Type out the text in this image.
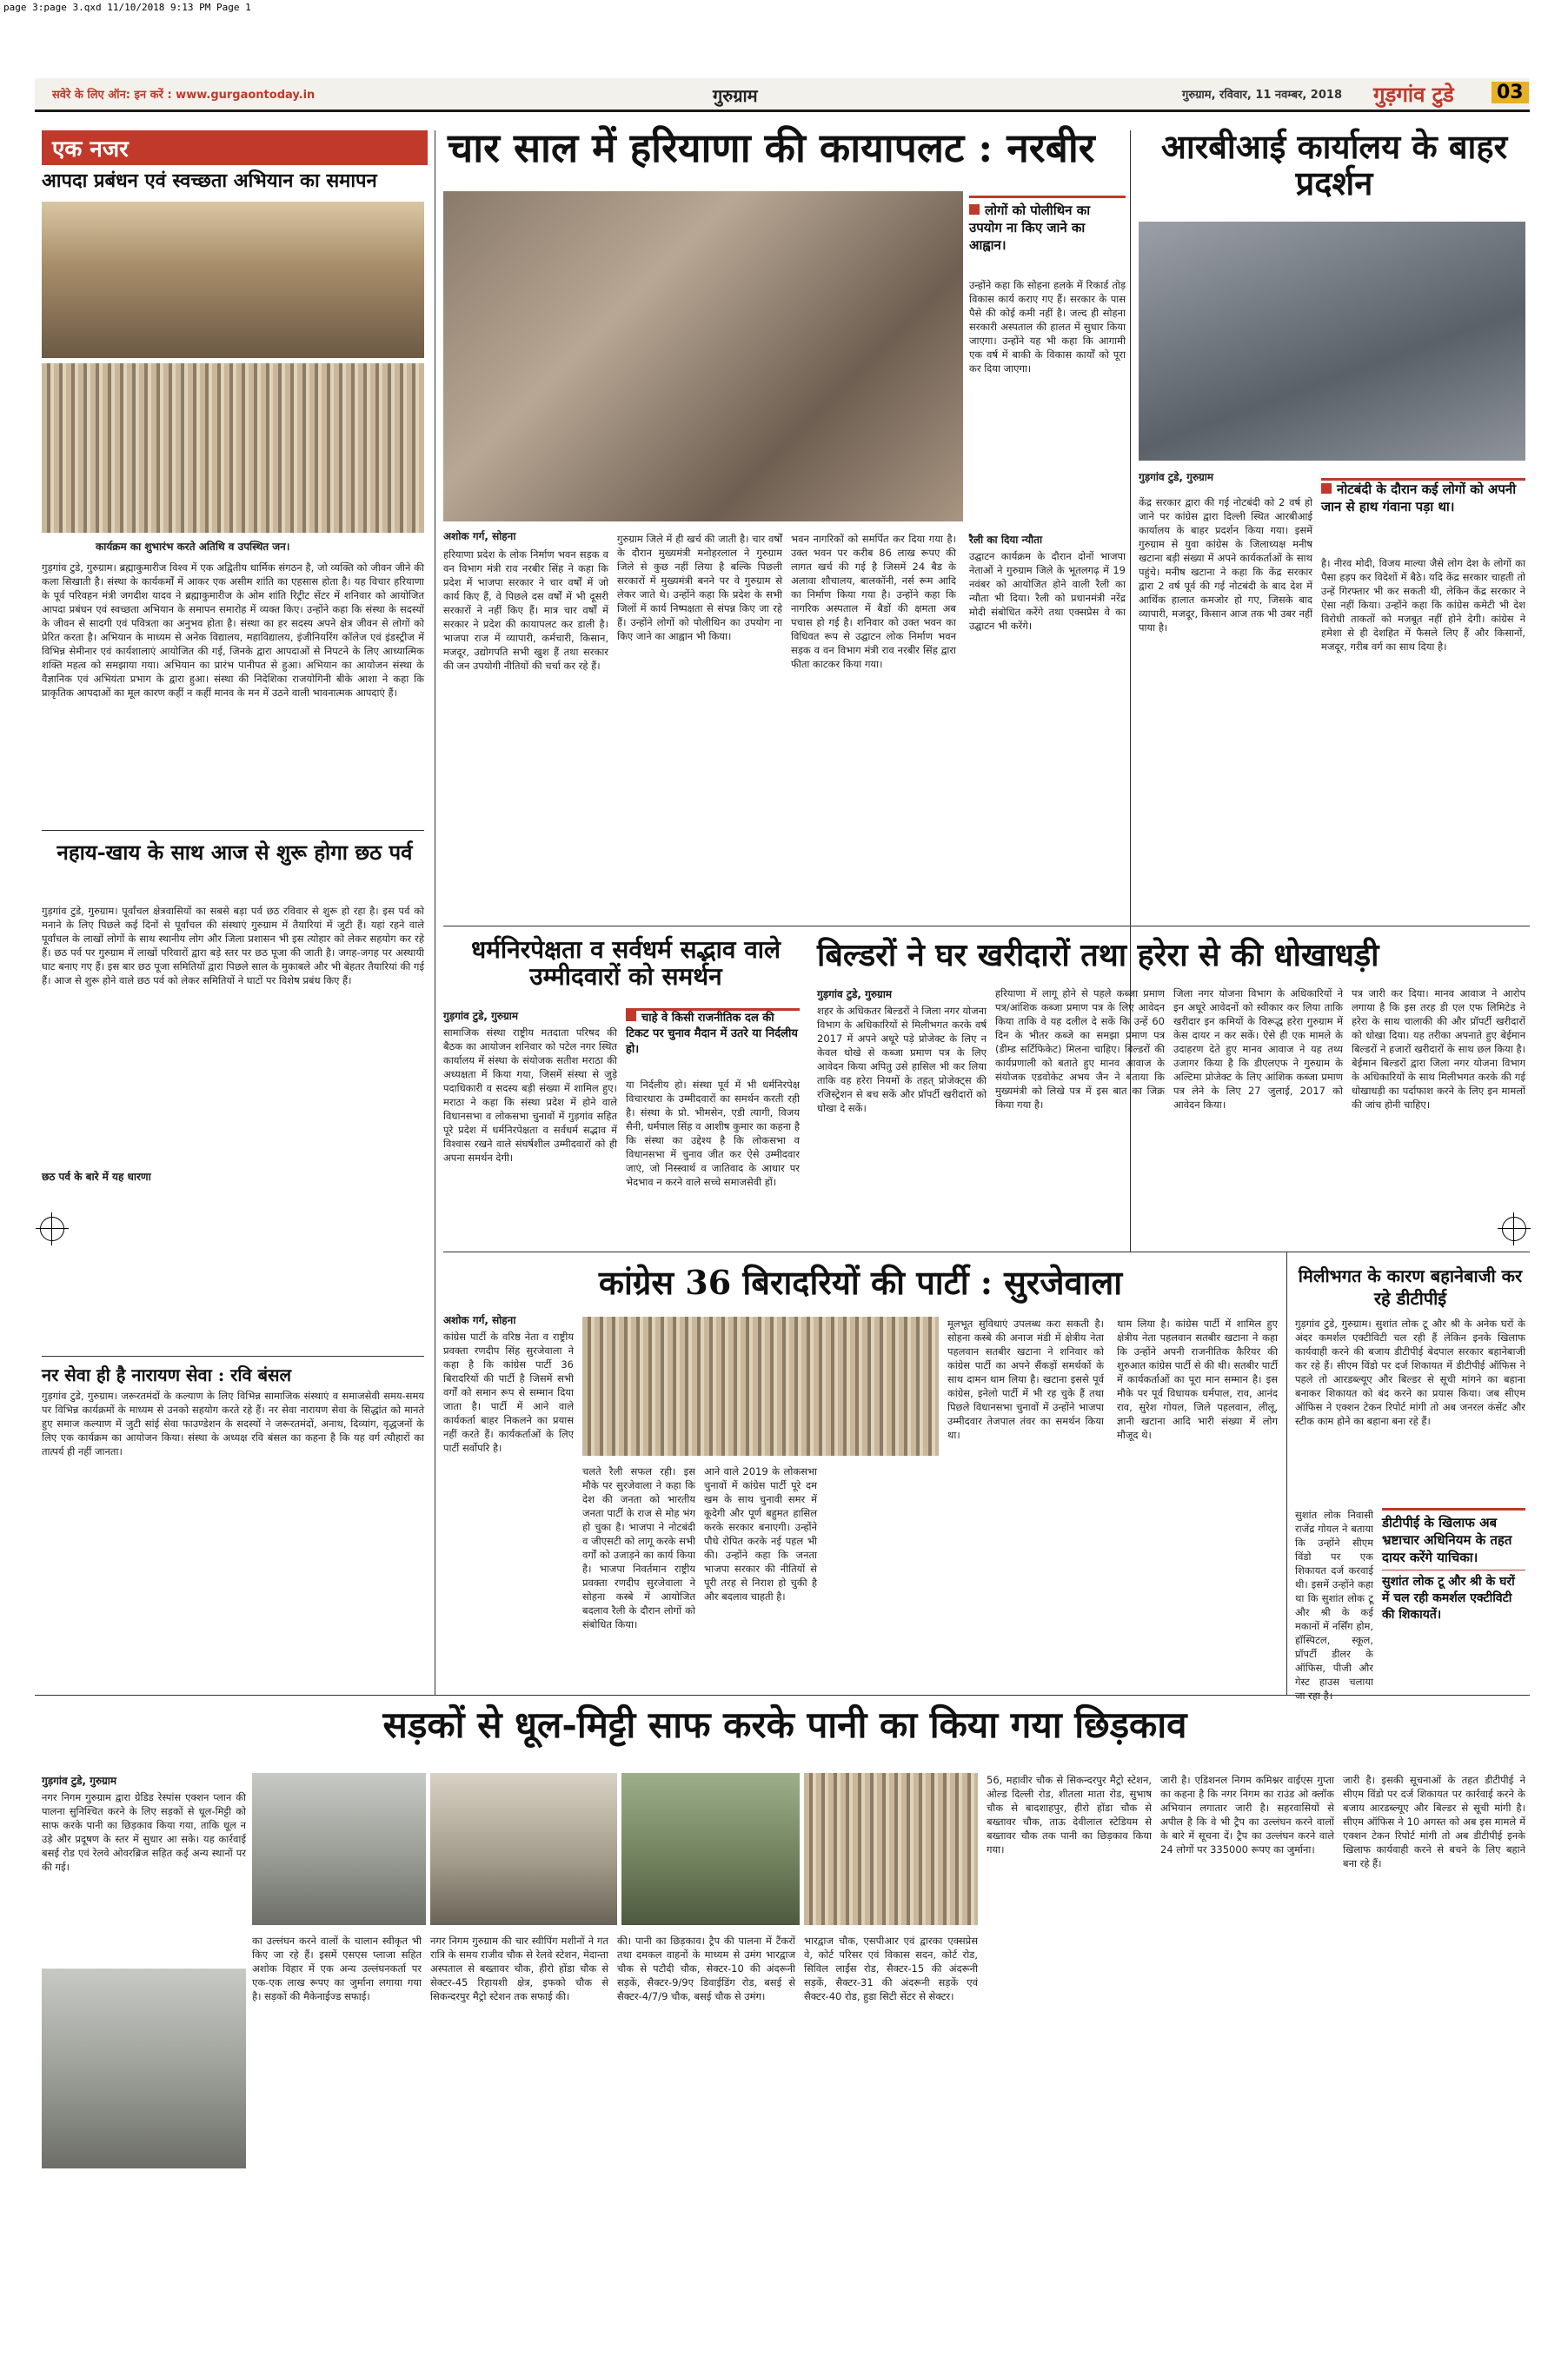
page 3:page 3.qxd 11/10/2018 9:13 PM Page 1
सवेरे के लिए ऑन: इन करें : www.gurgaontoday.in	गुरुग्राम	गुरुग्राम, रविवार, 11 नवम्बर, 2018 गुड़गांव टुडे 03
एक नजर
आपदा प्रबंधन एवं स्वच्छता अभियान का समापन
कार्यक्रम का शुभारंभ करते अतिथि व उपस्थित जन।
गुड़गांव टुडे, गुरुग्राम। ब्रह्माकुमारीज विश्व में एक अद्वितीय धार्मिक संगठन है, जो व्यक्ति को जीवन जीने की कला सिखाती है। संस्था के कार्यकर्मों में आकर एक असीम शांति का एहसास होता है। यह विचार हरियाणा के पूर्व परिवहन मंत्री जगदीश यादव ने ब्रह्माकुमारीज के ओम शांति रिट्रीट सेंटर में शनिवार को आयोजित आपदा प्रबंधन एवं स्वच्छता अभियान के समापन समारोह में व्यक्त किए। उन्होंने कहा कि संस्था के सदस्यों के जीवन से सादगी एवं पवित्रता का अनुभव होता है। संस्था का हर सदस्य अपने क्षेत्र जीवन से लोगों को प्रेरित करता है। अभियान के माध्यम से अनेक विद्यालय, महाविद्यालय, इंजीनियरिंग कॉलेज एवं इंडस्ट्रीज में विभिन्न सेमीनार एवं कार्यशालाएं आयोजित की गई, जिनके द्वारा आपदाओं से निपटने के लिए आध्यात्मिक शक्ति महत्व को समझाया गया। अभियान का प्रारंभ पानीपत से हुआ। अभियान का आयोजन संस्था के वैज्ञानिक एवं अभियंता प्रभाग के द्वारा हुआ। संस्था की निदेशिका राजयोगिनी बीके आशा ने कहा कि प्राकृतिक आपदाओं का मूल कारण कहीं न कहीं मानव के मन में उठने वाली भावनात्मक आपदाएं हैं।
नहाय-खाय के साथ आज से शुरू होगा छठ पर्व
गुड़गांव टुडे, गुरुग्राम। पूर्वांचल क्षेत्रवासियों का सबसे बड़ा पर्व छठ रविवार से शुरू हो रहा है। इस पर्व को मनाने के लिए पिछले कई दिनों से पूर्वांचल की संस्थाएं गुरुग्राम में तैयारियां में जुटी हैं। यहां रहने वाले पूर्वांचल के लाखों लोगों के साथ स्थानीय लोग और जिला प्रशासन भी इस त्योहार को लेकर सहयोग कर रहे हैं। छठ पर्व पर गुरुग्राम में लाखों परिवारों द्वारा बड़े स्तर पर छठ पूजा की जाती है। जगह-जगह पर अस्थायी घाट बनाए गए हैं। इस बार छठ पूजा समितियों द्वारा पिछले साल के मुकाबले और भी बेहतर तैयारियां की गई हैं। आज से शुरू होने वाले छठ पर्व को लेकर समितियों ने घाटों पर विशेष प्रबंध किए हैं।
छठ पर्व के बारे में यह धारणा
नर सेवा ही है नारायण सेवा : रवि बंसल
गुड़गांव टुडे, गुरुग्राम। जरूरतमंदों के कल्याण के लिए विभिन्न सामाजिक संस्थाएं व समाजसेवी समय-समय पर विभिन्न कार्यक्रमों के माध्यम से उनको सहयोग करते रहे हैं। नर सेवा नारायण सेवा के सिद्धांत को मानते हुए समाज कल्याण में जुटी सांई सेवा फाउण्डेशन के सदस्यों ने जरूरतमंदों, अनाथ, दिव्यांग, वृद्धजनों के लिए एक कार्यक्रम का आयोजन किया। संस्था के अध्यक्ष रवि बंसल का कहना है कि यह वर्ग त्यौहारों का तात्पर्य ही नहीं जानता।
चार साल में हरियाणा की कायापलट : नरबीर
लोगों को पोलीथिन का उपयोग ना किए जाने का आह्वान।
उन्होंने कहा कि सोहना हलके में रिकार्ड तोड़ विकास कार्य कराए गए हैं। सरकार के पास पैसे की कोई कमी नहीं है। जल्द ही सोहना सरकारी अस्पताल की हालत में सुधार किया जाएगा। उन्होंने यह भी कहा कि आगामी एक वर्ष में बाकी के विकास कार्यों को पूरा कर दिया जाएगा।
अशोक गर्ग, सोहना
हरियाणा प्रदेश के लोक निर्माण भवन सड़क व वन विभाग मंत्री राव नरबीर सिंह ने कहा कि प्रदेश में भाजपा सरकार ने चार वर्षों में जो कार्य किए हैं, वे पिछले दस वर्षों में भी दूसरी सरकारों ने नहीं किए हैं। मात्र चार वर्षों में सरकार ने प्रदेश की कायापलट कर डाली है। भाजपा राज में व्यापारी, कर्मचारी, किसान, मजदूर, उद्योगपति सभी खुश हैं तथा सरकार की जन उपयोगी नीतियों की चर्चा कर रहे हैं।
गुरुग्राम जिले में ही खर्च की जाती है। चार वर्षों के दौरान मुख्यमंत्री मनोहरलाल ने गुरुग्राम जिले से कुछ नहीं लिया है बल्कि पिछली सरकारों में मुख्यमंत्री बनने पर वे गुरुग्राम से लेकर जाते थे। उन्होंने कहा कि प्रदेश के सभी जिलों में कार्य निष्पक्षता से संपन्न किए जा रहे हैं। उन्होंने लोगों को पोलीथिन का उपयोग ना किए जाने का आह्वान भी किया।
भवन नागरिकों को समर्पित कर दिया गया है। उक्त भवन पर करीब 86 लाख रूपए की लागत खर्च की गई है जिसमें 24 बैड के अलावा शौचालय, बालकॉनी, नर्स रूम आदि का निर्माण किया गया है। उन्होंने कहा कि नागरिक अस्पताल में बैडों की क्षमता अब पचास हो गई है। शनिवार को उक्त भवन का विधिवत रूप से उद्घाटन लोक निर्माण भवन सड़क व वन विभाग मंत्री राव नरबीर सिंह द्वारा फीता काटकर किया गया।
रैली का दिया न्यौता
उद्घाटन कार्यक्रम के दौरान दोनों भाजपा नेताओं ने गुरुग्राम जिले के भूतलगढ़ में 19 नवंबर को आयोजित होने वाली रैली का न्यौता भी दिया। रैली को प्रधानमंत्री नरेंद्र मोदी संबोधित करेंगे तथा एक्सप्रेस वे का उद्घाटन भी करेंगे।
आरबीआई कार्यालय के बाहर प्रदर्शन
गुड़गांव टुडे, गुरुग्राम
नोटबंदी के दौरान कई लोगों को अपनी जान से हाथ गंवाना पड़ा था।
केंद्र सरकार द्वारा की गई नोटबंदी को 2 वर्ष हो जाने पर कांग्रेस द्वारा दिल्ली स्थित आरबीआई कार्यालय के बाहर प्रदर्शन किया गया। इसमें गुरुग्राम से युवा कांग्रेस के जिलाध्यक्ष मनीष खटाना बड़ी संख्या में अपने कार्यकर्ताओं के साथ पहुंचे। मनीष खटाना ने कहा कि केंद्र सरकार द्वारा 2 वर्ष पूर्व की गई नोटबंदी के बाद देश में आर्थिक हालात कमजोर हो गए, जिसके बाद व्यापारी, मजदूर, किसान आज तक भी उबर नहीं पाया है।
है। नीरव मोदी, विजय माल्या जैसे लोग देश के लोगों का पैसा हड़प कर विदेशों में बैठे। यदि केंद्र सरकार चाहती तो उन्हें गिरफ्तार भी कर सकती थी, लेकिन केंद्र सरकार ने ऐसा नहीं किया। उन्होंने कहा कि कांग्रेस कमेटी भी देश विरोधी ताकतों को मजबूत नहीं होने देगी। कांग्रेस ने हमेशा से ही देशहित में फैसले लिए हैं और किसानों, मजदूर, गरीब वर्ग का साथ दिया है।
धर्मनिरपेक्षता व सर्वधर्म सद्भाव वाले उम्मीदवारों को समर्थन
गुड़गांव टुडे, गुरुग्राम	चाहे वे किसी राजनीतिक दल की टिकट पर चुनाव मैदान में उतरे या निर्दलीय हो।
सामाजिक संस्था राष्ट्रीय मतदाता परिषद की बैठक का आयोजन शनिवार को पटेल नगर स्थित कार्यालय में संस्था के संयोजक सतीश मराठा की अध्यक्षता में किया गया, जिसमें संस्था से जुड़े पदाधिकारी व सदस्य बड़ी संख्या में शामिल हुए। मराठा ने कहा कि संस्था प्रदेश में होने वाले विधानसभा व लोकसभा चुनावों में गुड़गांव सहित पूरे प्रदेश में धर्मनिरपेक्षता व सर्वधर्म सद्भाव में विश्वास रखने वाले संघर्षशील उम्मीदवारों को ही अपना समर्थन देगी।
या निर्दलीय हो। संस्था पूर्व में भी धर्मनिरपेक्ष विचारधारा के उम्मीदवारों का समर्थन करती रही है। संस्था के प्रो. भीमसेन, एडी त्यागी, विजय सैनी, धर्मपाल सिंह व आशीष कुमार का कहना है कि संस्था का उद्देश्य है कि लोकसभा व विधानसभा में चुनाव जीत कर ऐसे उम्मीदवार जाएं, जो निस्स्वार्थ व जातिवाद के आधार पर भेदभाव न करने वाले सच्चे समाजसेवी हों।
बिल्डरों ने घर खरीदारों तथा हरेरा से की धोखाधड़ी
गुड़गांव टुडे, गुरुग्राम
शहर के अधिकतर बिल्डरों ने जिला नगर योजना विभाग के अधिकारियों से मिलीभगत करके वर्ष 2017 में अपने अधूरे पड़े प्रोजेक्ट के लिए न केवल धोखे से कब्जा प्रमाण पत्र के लिए आवेदन किया अपितु उसे हासिल भी कर लिया ताकि वह हरेरा नियमों के तहत् प्रोजेक्ट्स की रजिस्ट्रेशन से बच सकें और प्रॉपर्टी खरीदारों को धोखा दे सकें।
हरियाणा में लागू होने से पहले कब्जा प्रमाण पत्र/आंशिक कब्जा प्रमाण पत्र के लिए आवेदन किया ताकि वे यह दलील दे सकें कि उन्हें 60 दिन के भीतर कब्जे का समझा प्रमाण पत्र (डीम्ड सर्टिफिकेट) मिलना चाहिए। बिल्डरों की कार्यप्रणाली को बताते हुए मानव आवाज के संयोजक एडवोकेट अभय जैन ने बताया कि मुख्यमंत्री को लिखे पत्र में इस बात का जिक्र किया गया है।
जिला नगर योजना विभाग के अधिकारियों ने इन अधूरे आवेदनों को स्वीकार कर लिया ताकि खरीदार इन कमियों के विरूद्ध हरेरा गुरुग्राम में केस दायर न कर सकें। ऐसे ही एक मामले के उदाहरण देते हुए मानव आवाज ने यह तथ्य उजागर किया है कि डीएलएफ ने गुरुग्राम के अल्टिमा प्रोजेक्ट के लिए आंशिक कब्जा प्रमाण पत्र लेने के लिए 27 जुलाई, 2017 को आवेदन किया।
पत्र जारी कर दिया। मानव आवाज ने आरोप लगाया है कि इस तरह डी एल एफ लिमिटेड ने हरेरा के साथ चालाकी की और प्रॉपर्टी खरीदारों को धोखा दिया। यह तरीका अपनाते हुए बेईमान बिल्डरों ने हजारों खरीदारों के साथ छल किया है। बेईमान बिल्डरों द्वारा जिला नगर योजना विभाग के अधिकारियों के साथ मिलीभगत करके की गई धोखाधड़ी का पर्दाफाश करने के लिए इन मामलों की जांच होनी चाहिए।
कांग्रेस 36 बिरादरियों की पार्टी : सुरजेवाला
अशोक गर्ग, सोहना
कांग्रेस पार्टी के वरिष्ठ नेता व राष्ट्रीय प्रवक्ता रणदीप सिंह सुरजेवाला ने कहा है कि कांग्रेस पार्टी 36 बिरादरियों की पार्टी है जिसमें सभी वर्गों को समान रूप से सम्मान दिया जाता है। पार्टी में आने वाले कार्यकर्ता बाहर निकलने का प्रयास नहीं करते हैं। कार्यकर्ताओं के लिए पार्टी सर्वोपरि है।
चलते रैली सफल रही। इस मौके पर सुरजेवाला ने कहा कि देश की जनता को भारतीय जनता पार्टी के राज से मोह भंग हो चुका है। भाजपा ने नोटबंदी व जीएसटी को लागू करके सभी वर्गों को उजाड़ने का कार्य किया है। भाजपा निवर्तमान राष्ट्रीय प्रवक्ता रणदीप सुरजेवाला ने सोहना कस्बे में आयोजित बदलाव रैली के दौरान लोगों को संबोधित किया।
आने वाले 2019 के लोकसभा चुनावों में कांग्रेस पार्टी पूरे दम खम के साथ चुनावी समर में कूदेगी और पूर्ण बहुमत हासिल करके सरकार बनाएगी। उन्होंने पौधे रोपित करके नई पहल भी की। उन्होंने कहा कि जनता भाजपा सरकार की नीतियों से पूरी तरह से निराश हो चुकी है और बदलाव चाहती है।
मूलभूत सुविधाएं उपलब्ध करा सकती है। सोहना कस्बे की अनाज मंडी में क्षेत्रीय नेता पहलवान सतबीर खटाना ने शनिवार को कांग्रेस पार्टी का अपने सैंकड़ों समर्थकों के साथ दामन थाम लिया है। खटाना इससे पूर्व कांग्रेस, इनेलो पार्टी में भी रह चुके हैं तथा पिछले विधानसभा चुनावों में उन्होंने भाजपा उम्मीदवार तेजपाल तंवर का समर्थन किया था।
थाम लिया है। कांग्रेस पार्टी में शामिल हुए क्षेत्रीय नेता पहलवान सतबीर खटाना ने कहा कि उन्होंने अपनी राजनीतिक कैरियर की शुरुआत कांग्रेस पार्टी से की थी। सतबीर पार्टी में कार्यकर्ताओं का पूरा मान सम्मान है। इस मौके पर पूर्व विधायक धर्मपाल, राव, आनंद राव, सुरेश गोयल, जिले पहलवान, लीलू, ज्ञानी खटाना आदि भारी संख्या में लोग मौजूद थे।
मिलीभगत के कारण बहानेबाजी कर रहे डीटीपीई
गुड़गांव टुडे, गुरुग्राम। सुशांत लोक टू और श्री के अनेक घरों के अंदर कमर्शल एक्टीविटी चल रही हैं लेकिन इनके खिलाफ कार्यवाही करने की बजाय डीटीपीई बेदपाल सरकार बहानेबाजी कर रहे हैं। सीएम विंडो पर दर्ज शिकायत में डीटीपीई ऑफिस ने पहले तो आरडब्ल्यूए और बिल्डर से सूची मांगने का बहाना बनाकर शिकायत को बंद करने का प्रयास किया। जब सीएम ऑफिस ने एक्शन टेकन रिपोर्ट मांगी तो अब जनरल कंसेंट और स्टीक काम होने का बहाना बना रहे हैं।
सुशांत लोक निवासी राजेंद्र गोयल ने बताया कि उन्होंने सीएम विंडो पर एक शिकायत दर्ज करवाई थी। इसमें उन्होंने कहा था कि सुशांत लोक टू और श्री के कई मकानों में नर्सिंग होम, हॉस्पिटल, स्कूल, प्रॉपर्टी डीलर के ऑफिस, पीजी और गेस्ट हाउस चलाया जा रहा है।
डीटीपीई के खिलाफ अब भ्रष्टाचार अधिनियम के तहत दायर करेंगे याचिका।
सुशांत लोक टू और श्री के घरों में चल रही कमर्शल एक्टीविटी की शिकायतें।
सड़कों से धूल-मिट्टी साफ करके पानी का किया गया छिड़काव
गुड़गांव टुडे, गुरुग्राम
नगर निगम गुरुग्राम द्वारा ग्रेडिड रेस्पांस एक्शन प्लान की पालना सुनिश्चित करने के लिए सड़कों से धूल-मिट्टी को साफ करके पानी का छिड़काव किया गया, ताकि धूल न उड़े और प्रदूषण के स्तर में सुधार आ सके। यह कार्रवाई बसई रोड एवं रेलवे ओवरब्रिज सहित कई अन्य स्थानों पर की गई।
का उल्लंघन करने वालों के चालान स्वीकृत भी किए जा रहे हैं। इसमें एसएस प्लाजा सहित अशोक विहार में एक अन्य उल्लंघनकर्ता पर एक-एक लाख रूपए का जुर्माना लगाया गया है। सड़कों की मैकेनाईज्ड सफाई।
नगर निगम गुरुग्राम की चार स्वीपिंग मशीनों ने गत रात्रि के समय राजीव चौक से रेलवे स्टेशन, मेदान्ता अस्पताल से बख्तावर चौक, हीरो होंडा चौक से सेक्टर-45 रिहायशी क्षेत्र, इफको चौक से सिकन्दरपुर मैट्रो स्टेशन तक सफाई की।
की। पानी का छिड़काव। ट्रैप की पालना में टैंकरों तथा दमकल वाहनों के माध्यम से उमंग भारद्वाज चौक से पटौदी चौक, सेक्टर-10 की अंदरूनी सड़कें, सैक्टर-9/9ए डिवाईडिंग रोड, बसई से सैक्टर-4/7/9 चौक, बसई चौक से उमंग।
भारद्वाज चौक, एसपीआर एवं द्वारका एक्सप्रेस वे, कोर्ट परिसर एवं विकास सदन, कोर्ट रोड, सिविल लाईंस रोड, सैक्टर-15 की अंदरूनी सड़कें, सैक्टर-31 की अंदरूनी सड़कें एवं सैक्टर-40 रोड, हुडा सिटी सेंटर से सेक्टर।
56, महावीर चौक से सिकन्दरपुर मैट्रो स्टेशन, ओल्ड दिल्ली रोड, शीतला माता रोड, सुभाष चौक से बादशाहपुर, हीरो होंडा चौक से बख्तावर चौक, ताऊ देवीलाल स्टेडियम से बख्तावर चौक तक पानी का छिड़काव किया गया।
जारी है। एडिशनल निगम कमिश्नर वाईएस गुप्ता का कहना है कि नगर निगम का राउंड ओ क्लॉक अभियान लगातार जारी है। सहरवासियों से अपील है कि वे भी ट्रैप का उल्लंघन करने वालों के बारे में सूचना दें। ट्रैप का उल्लंघन करने वाले 24 लोगों पर 335000 रूपए का जुर्माना।
जारी है। इसकी सूचनाओं के तहत डीटीपीई ने सीएम विंडो पर दर्ज शिकायत पर कार्रवाई करने के बजाय आरडब्ल्यूए और बिल्डर से सूची मांगी है। सीएम ऑफिस ने 10 अगस्त को अब इस मामले में एक्शन टेकन रिपोर्ट मांगी तो अब डीटीपीई इनके खिलाफ कार्यवाही करने से बचने के लिए बहाने बना रहे हैं।
